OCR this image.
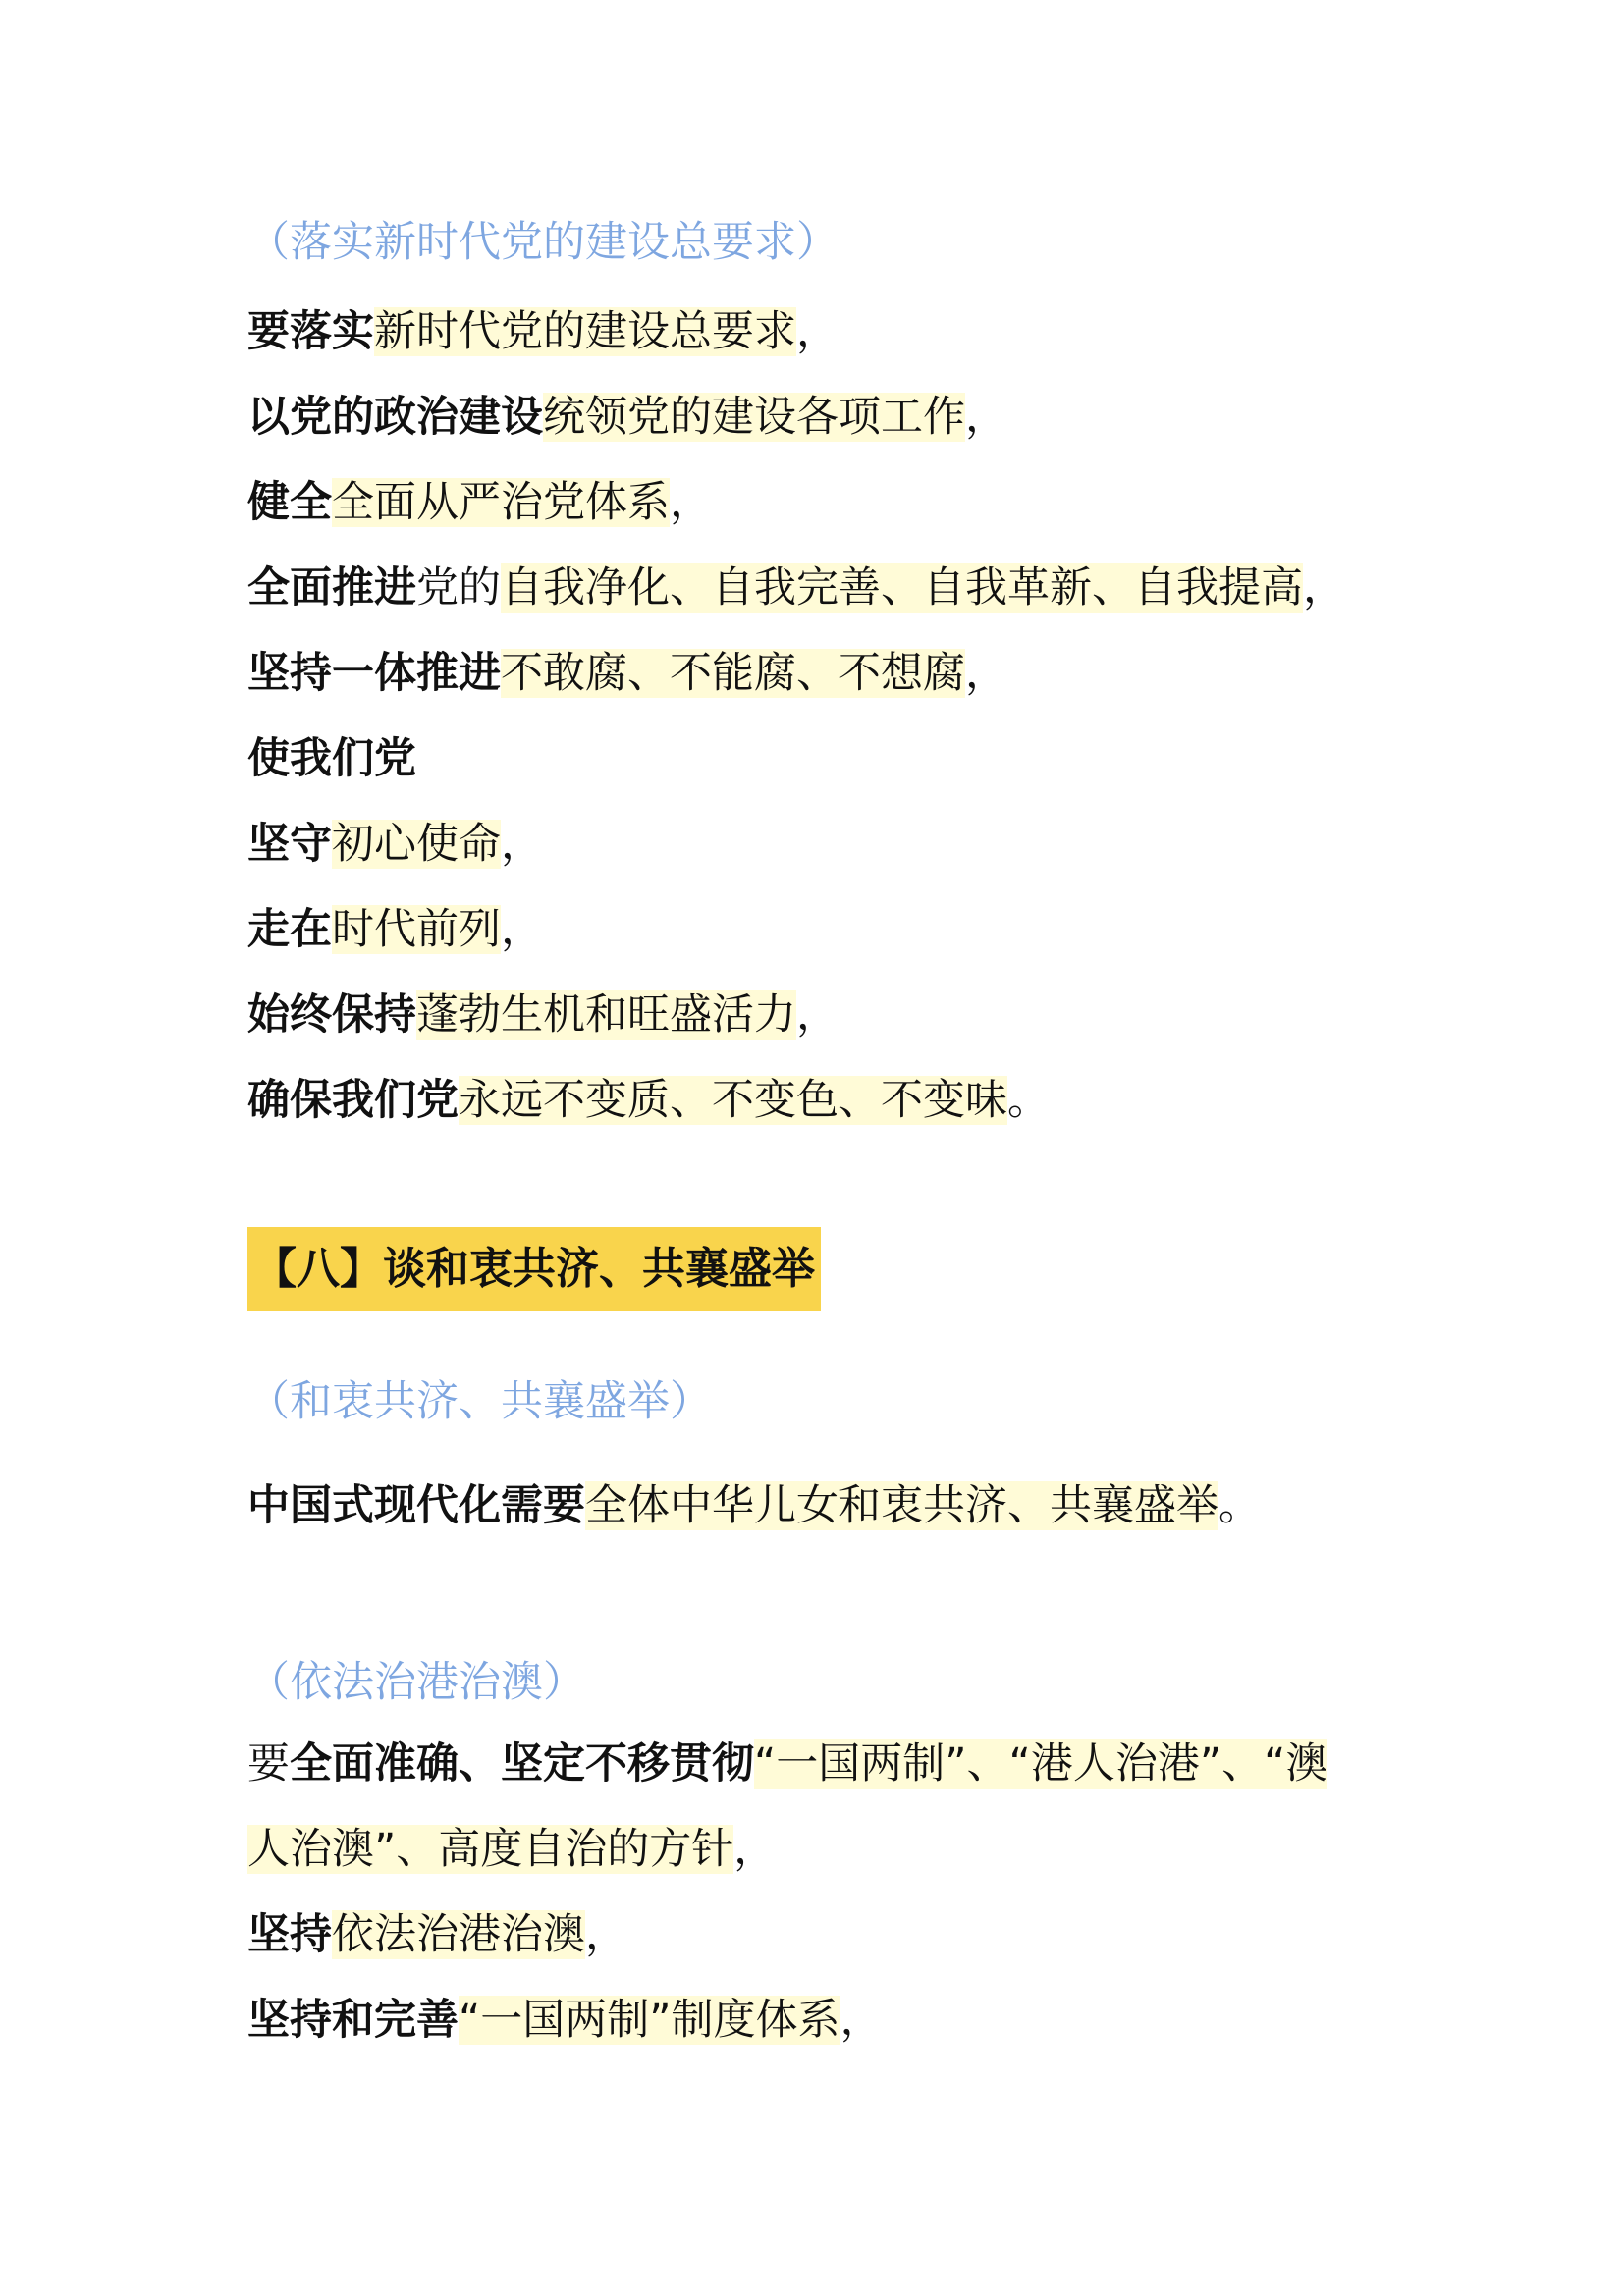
（落实新时代党的建设总要求）
要落实新时代党的建设总要求，
以党的政治建设统领党的建设各项工作，
健全全面从严治党体系，
全面推进党的自我净化、自我完善、自我革新、自我提高，
坚持一体推进不敢腐、不能腐、不想腐，
使我们党
坚守初心使命，
走在时代前列，
始终保持蓬勃生机和旺盛活力，
确保我们党永远不变质、不变色、不变味。
【八】谈和衷共济、共襄盛举
（和衷共济、共襄盛举）
中国式现代化需要全体中华儿女和衷共济、共襄盛举。
（依法治港治澳）
要全面准确、坚定不移贯彻“一国两制”、“港人治港”、“澳
人治澳”、高度自治的方针，
坚持依法治港治澳，
坚持和完善“一国两制”制度体系，
